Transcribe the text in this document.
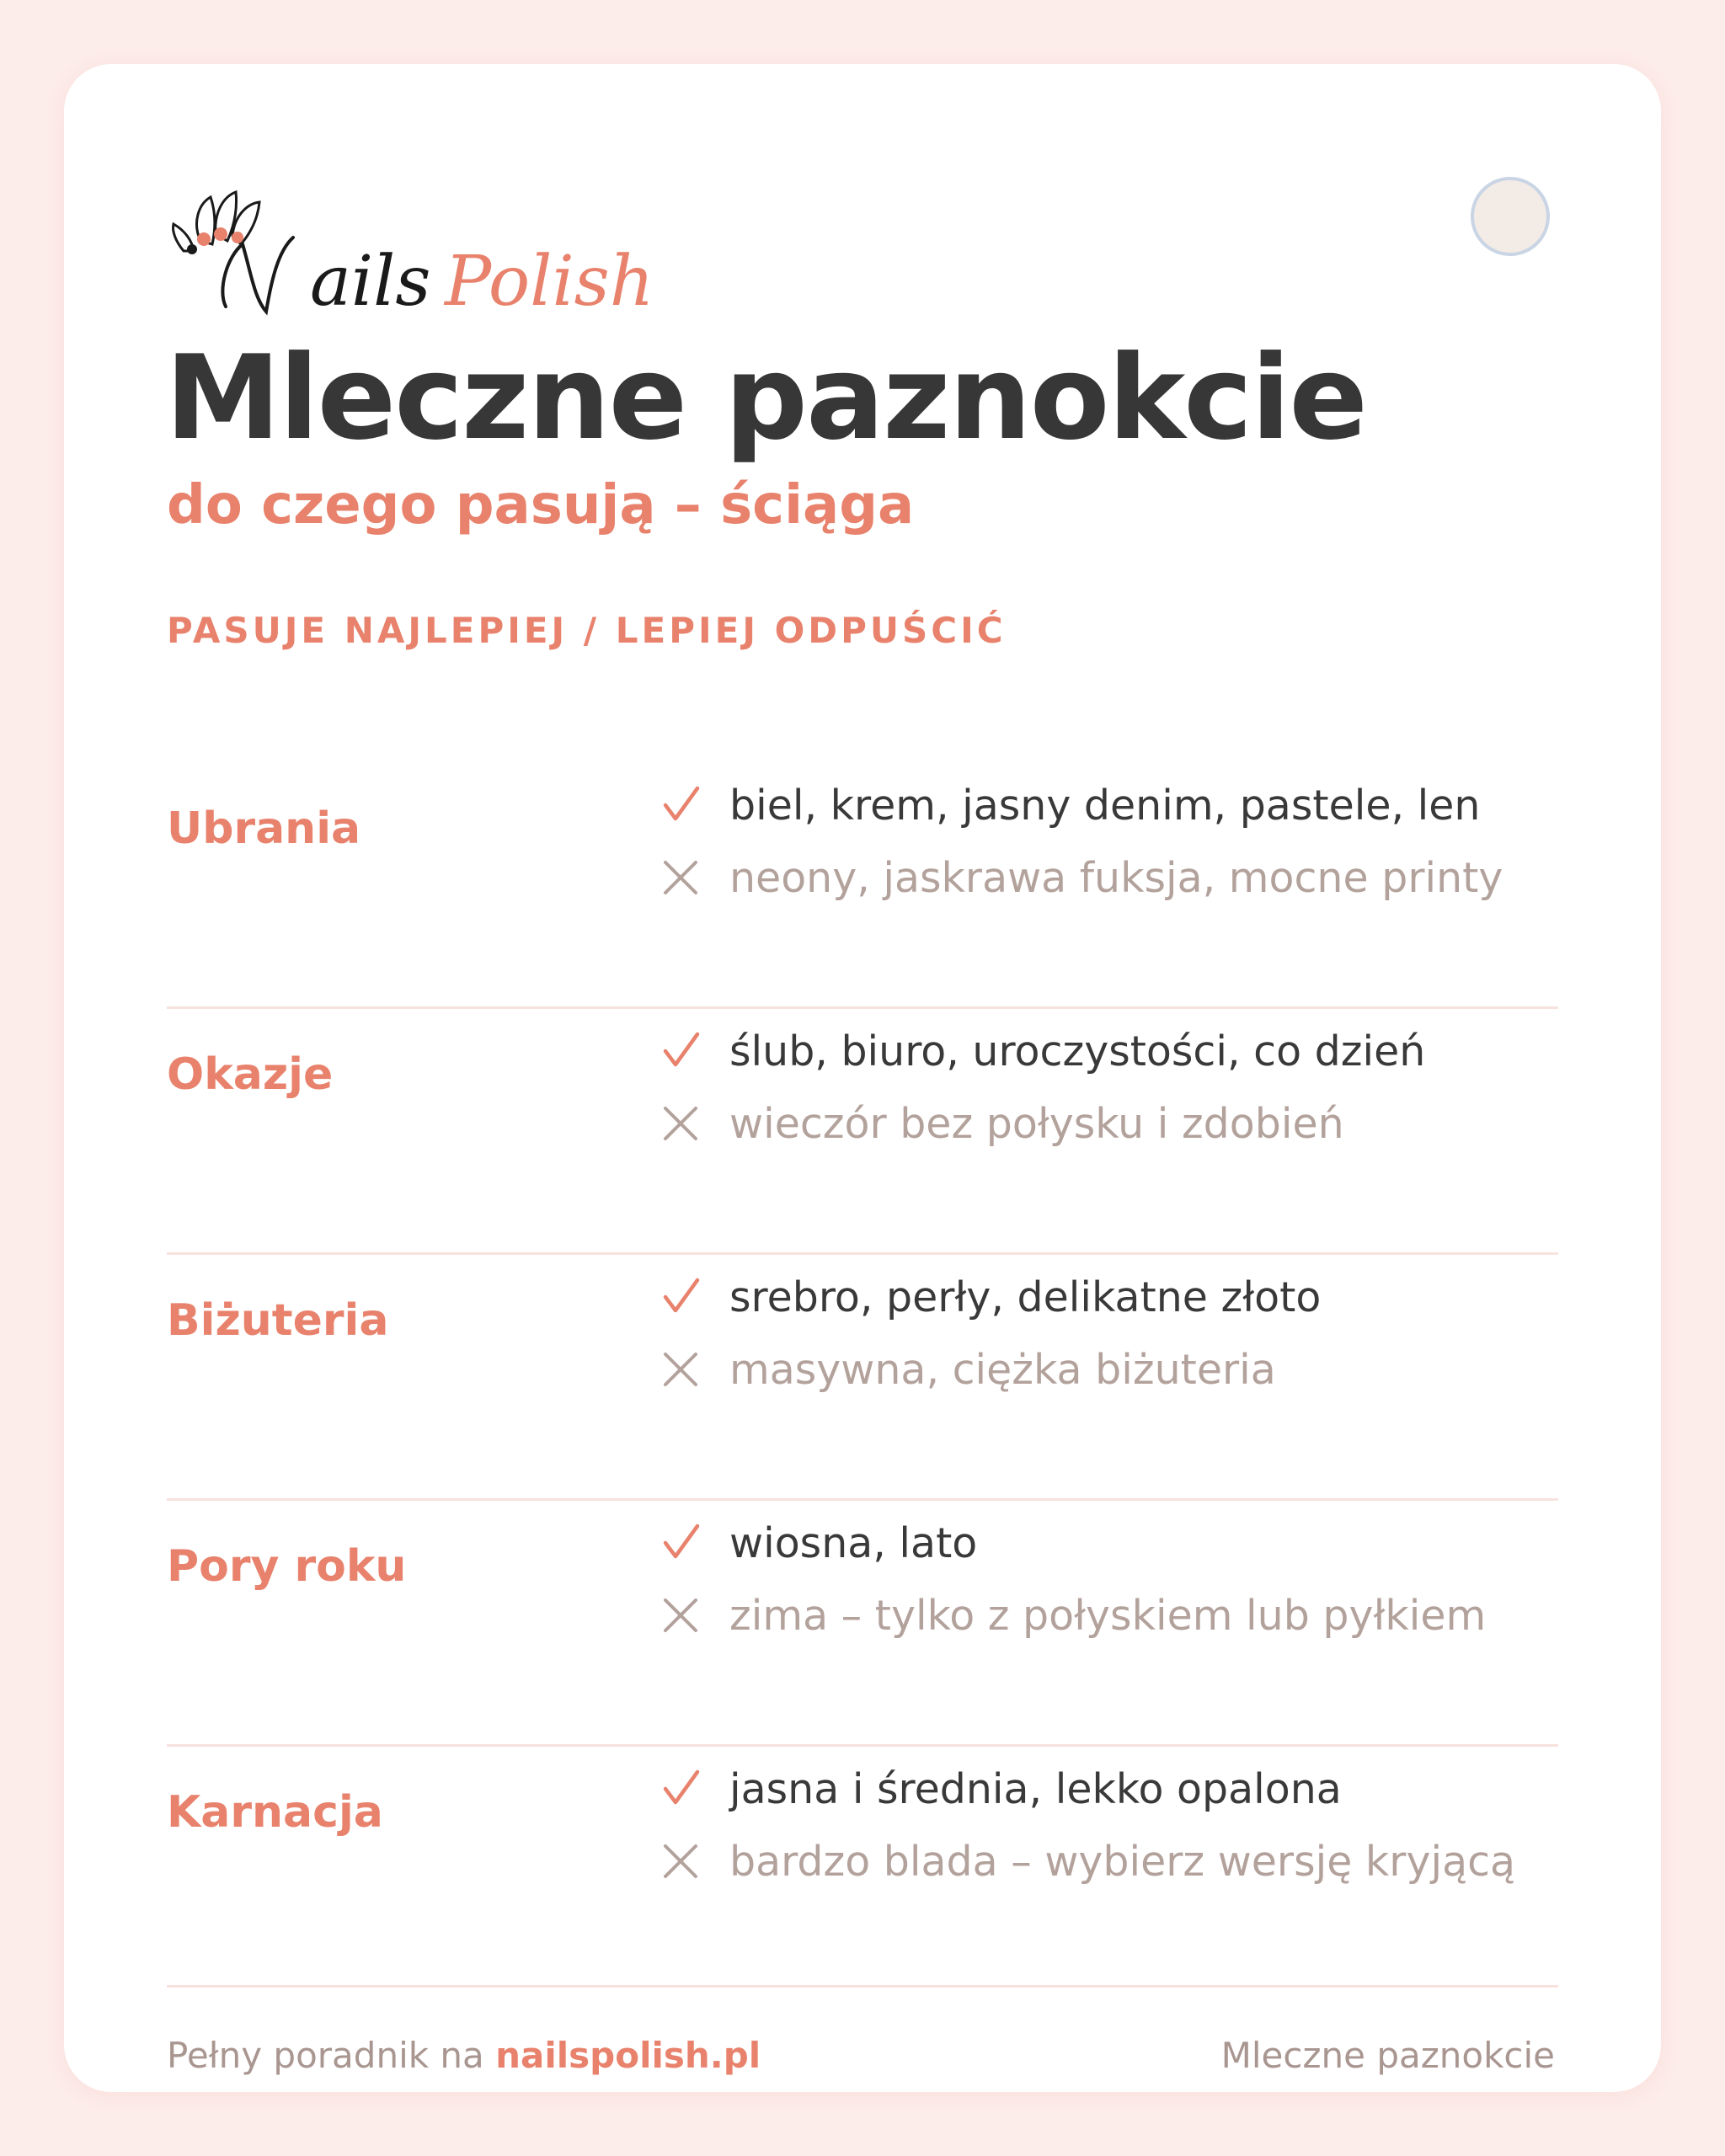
ails Polish
Mleczne paznokcie
do czego pasują – ściąga
PASUJE NAJLEPIEJ / LEPIEJ ODPUŚCIĆ
Ubrania	biel, krem, jasny denim, pastele, len
neony, jaskrawa fuksja, mocne printy
Okazje	ślub, biuro, uroczystości, co dzień
wieczór bez połysku i zdobień
Biżuteria	srebro, perły, delikatne złoto
masywna, ciężka biżuteria
Pory roku	wiosna, lato
zima – tylko z połyskiem lub pyłkiem
Karnacja	jasna i średnia, lekko opalona
bardzo blada – wybierz wersję kryjącą
Pełny poradnik na nailspolish.pl	Mleczne paznokcie
